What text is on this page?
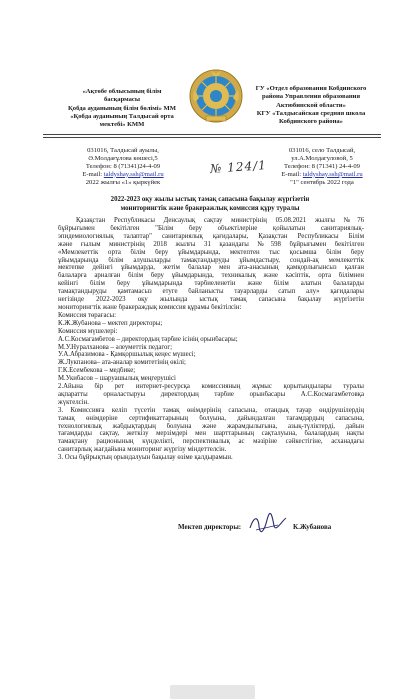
«Ақтөбе облысының білім
басқармасы
Қобда ауданының білім бөлімі» ММ
«Қобда ауданының Талдысай орта
мектебі» КММ
ГУ «Отдел образования Кобдинского
района Управления образования
Актюбинской области»
КГУ «Талдысайская средняя школа
Кобдинского района»
031016, Талдысай ауылы,
Ә.Молдағұлова көшесі,5
Телефон: 8 (71341)24-4-09
E-mail: taldyshay.ssh@mail.ru
2022 жылғы «1» қыркүйек
№ 124/1
031016, село Талдысай,
ул.А.Молдагуловой, 5
Телефон: 8 (71341) 24-4-09
E-mail: taldyshay.ssh@mail.ru
"1" сентябрь 2022 года
2022-2023 оқу жылы ыстық тамақ сапасына бақылау жүргізетін
мониторингтік және бракеражлық комиссия құру туралы
Қазақстан Республикасы Денсаулық сақтау министрінің 05.08.2021 жылғы №76
бұйрығымен бекітілген "Білім беру объектілеріне қойылатын санитариялық-
эпидемиологиялық талаптар" санитариялық қағидалары, Қазақстан Республикасы Білім
және ғылым министрінің 2018 жылғы 31 қазандағы №598 бұйрығымен бекітілген
«Мемлекеттік орта білім беру ұйымдарында, мектептен тыс қосымша білім беру
ұйымдарында білім алушыларды тамақтандыруды ұйымдастыру, сондай-ақ мемлекеттік
мектепке дейінгі ұйымдарда, жетім балалар мен ата-анасының қамқорлығынсыз қалған
балаларға арналған білім беру ұйымдарында, техникалық және кәсіптік, орта білімнен
кейінгі білім беру ұйымдарында тәрбиеленетін және білім алатын балаларды
тамақтандыруды қамтамасыз етуге байланысты тауарларды сатып алу» қағидалары
негізінде 2022-2023 оқу жылында ыстық тамақ сапасына бақылау жүргізетін
мониторингтік және бракераждық комиссия құрамы бекітілсін:
Комиссия төрағасы:
К.Ж.Жубанова – мектеп директоры;
Комиссия мүшелері:
А.С.Космагамбетов – директордың тәрбие ісінің орынбасары;
М.У.Нуралханова – әлеуметтік педагог;
У.А.Абразимова - Қамқоршылық кеңес мүшесі;
Ж.Лукпанова– ата-аналар комитетінің өкілі;
Г.К.Есембекова – медбике;
М.Укибасов – шаруашылық меңгерушісі
2.Айына бір рет интернет-ресурсқа комиссияның жұмыс қорытындылары туралы
ақпаратты орналастыруы директордың тәрбие орынбасары А.С.Космагамбетовқа
жүктелсін.
3. Комиссияға келіп түсетін тамақ өнімдерінің сапасына, отандық тауар өндірушілердің
тамақ өнімдеріне сертификаттарының болуына, дайындалған тағамдардың сапасына,
технологиялық жабдықтардың болуына және жарамдылығына, азық-түліктерді, дайын
тағамдарды сақтау, жеткізу мерзімдері мен шарттарының сақталуына, балалардың нақты
тамақтану рационының күнделікті, перспективалық ас мәзіріне сәйкестігіне, асханадағы
санитарлық жағдайына мониторинг жүргізу міндеттелсін.
3. Осы бұйрықтың орындалуын бақылау өзіме қалдырамын.
Мектеп директоры:	К.Жубанова
